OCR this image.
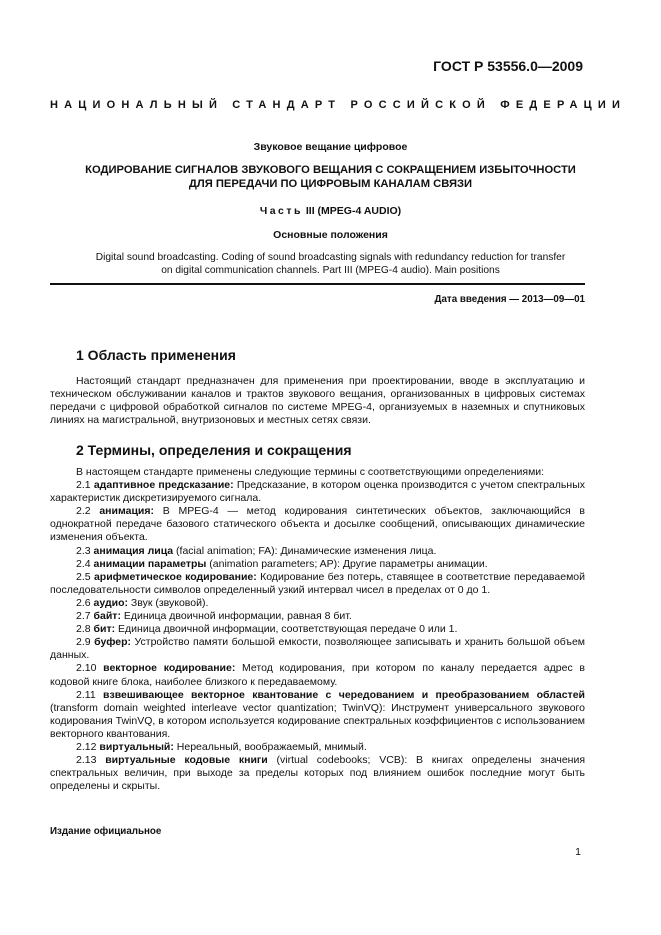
ГОСТ Р 53556.0—2009
НАЦИОНАЛЬНЫЙ СТАНДАРТ РОССИЙСКОЙ ФЕДЕРАЦИИ
Звуковое вещание цифровое
КОДИРОВАНИЕ СИГНАЛОВ ЗВУКОВОГО ВЕЩАНИЯ С СОКРАЩЕНИЕМ ИЗБЫТОЧНОСТИ
ДЛЯ ПЕРЕДАЧИ ПО ЦИФРОВЫМ КАНАЛАМ СВЯЗИ
Часть III (MPEG-4 AUDIO)
Основные положения
Digital sound broadcasting. Coding of sound broadcasting signals with redundancy reduction for transfer
on digital communication channels. Part III (MPEG-4 audio). Main positions
Дата введения — 2013—09—01
1 Область применения

Настоящий стандарт предназначен для применения при проектировании, вводе в эксплуатацию и техническом обслуживании каналов и трактов звукового вещания, организованных в цифровых системах передачи с цифровой обработкой сигналов по системе MPEG-4, организуемых в наземных и спутниковых линиях на магистральной, внутризоновых и местных сетях связи.

2 Термины, определения и сокращения

В настоящем стандарте применены следующие термины с соответствующими определениями:

2.1 адаптивное предсказание: Предсказание, в котором оценка производится с учетом спектральных характеристик дискретизируемого сигнала.

2.2 анимация: В MPEG-4 — метод кодирования синтетических объектов, заключающийся в однократной передаче базового статического объекта и досылке сообщений, описывающих динамические изменения объекта.

2.3 анимация лица (facial animation; FA): Динамические изменения лица.

2.4 анимации параметры (animation parameters; AP): Другие параметры анимации.

2.5 арифметическое кодирование: Кодирование без потерь, ставящее в соответствие передаваемой последовательности символов определенный узкий интервал чисел в пределах от 0 до 1.

2.6 аудио: Звук (звуковой).

2.7 байт: Единица двоичной информации, равная 8 бит.

2.8 бит: Единица двоичной информации, соответствующая передаче 0 или 1.

2.9 буфер: Устройство памяти большой емкости, позволяющее записывать и хранить большой объем данных.

2.10 векторное кодирование: Метод кодирования, при котором по каналу передается адрес в кодовой книге блока, наиболее близкого к передаваемому.

2.11 взвешивающее векторное квантование с чередованием и преобразованием областей (transform domain weighted interleave vector quantization; TwinVQ): Инструмент универсального звукового кодирования TwinVQ, в котором используется кодирование спектральных коэффициентов с использованием векторного квантования.

2.12 виртуальный: Нереальный, воображаемый, мнимый.

2.13 виртуальные кодовые книги (virtual codebooks; VCB): В книгах определены значения спектральных величин, при выходе за пределы которых под влиянием ошибок последние могут быть определены и скрыты.

Издание официальное
1
